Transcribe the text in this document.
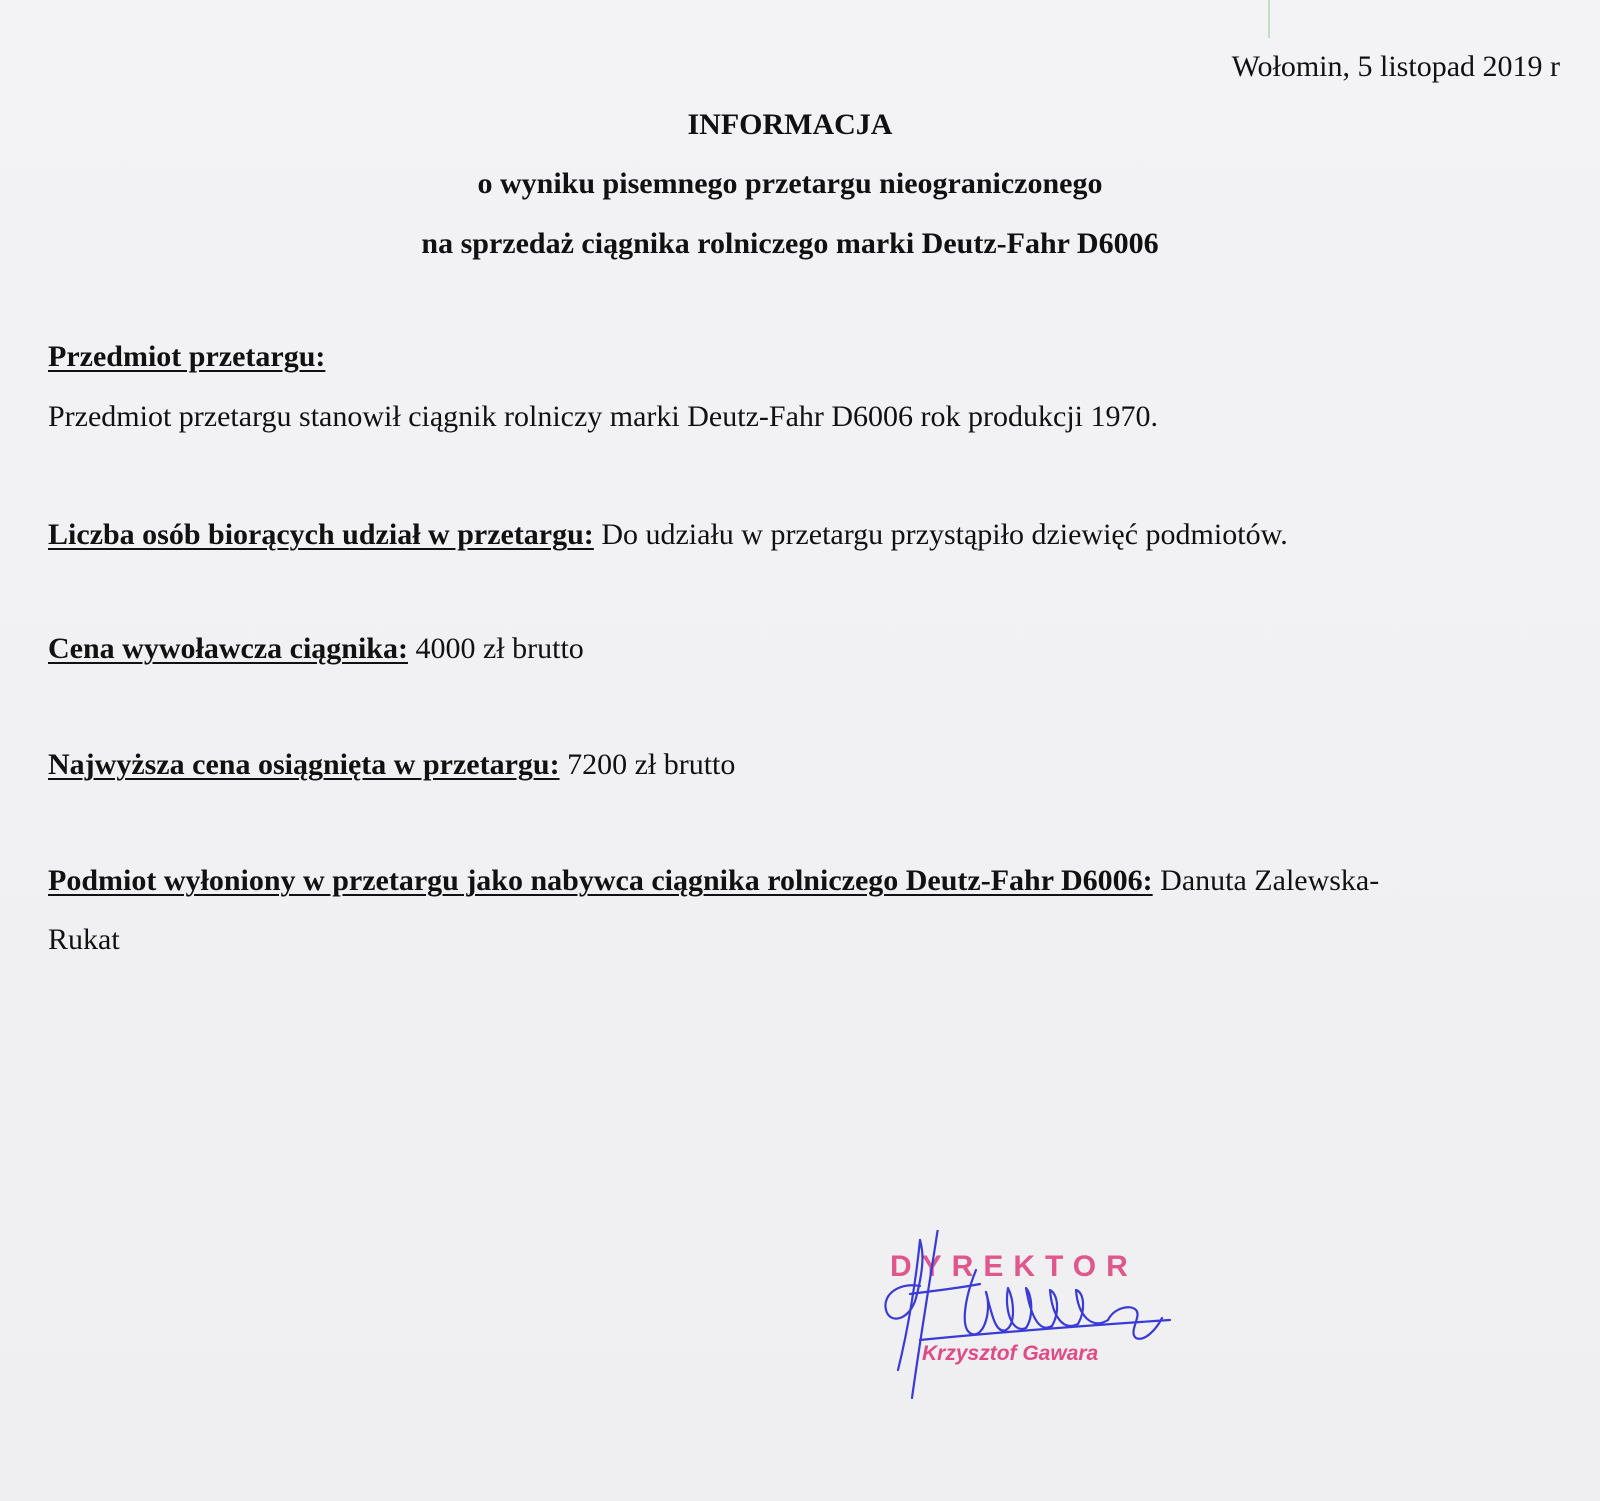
Wołomin, 5 listopad 2019 r
INFORMACJA
o wyniku pisemnego przetargu nieograniczonego
na sprzedaż ciągnika rolniczego marki Deutz-Fahr D6006
Przedmiot przetargu:
Przedmiot przetargu stanowił ciągnik rolniczy marki Deutz-Fahr D6006 rok produkcji 1970.
Liczba osób biorących udział w przetargu: Do udziału w przetargu przystąpiło dziewięć podmiotów.
Cena wywoławcza ciągnika: 4000 zł brutto
Najwyższa cena osiągnięta w przetargu: 7200 zł brutto
Podmiot wyłoniony w przetargu jako nabywca ciągnika rolniczego Deutz-Fahr D6006: Danuta Zalewska-
Rukat
DYREKTOR
Krzysztof Gawara
